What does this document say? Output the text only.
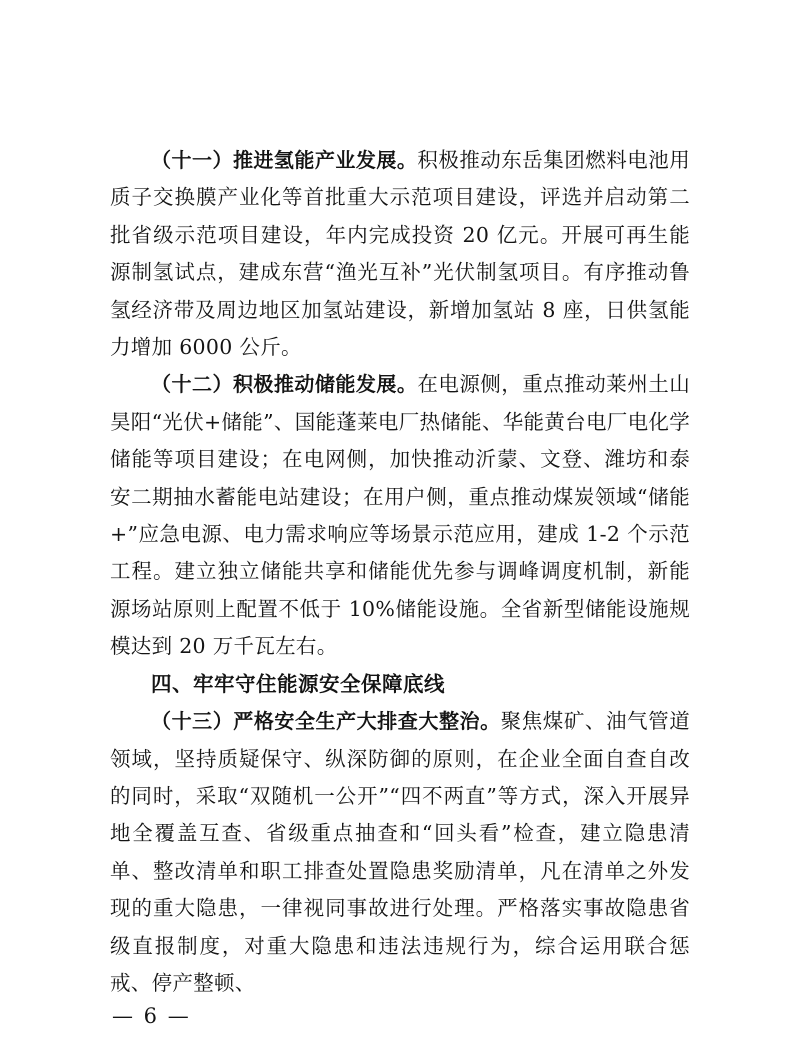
（十一）推进氢能产业发展。积极推动东岳集团燃料电池用质子交换膜产业化等首批重大示范项目建设，评选并启动第二批省级示范项目建设，年内完成投资 20 亿元。开展可再生能源制氢试点，建成东营“渔光互补”光伏制氢项目。有序推动鲁氢经济带及周边地区加氢站建设，新增加氢站 8 座，日供氢能力增加 6000 公斤。

（十二）积极推动储能发展。在电源侧，重点推动莱州土山昊阳“光伏+储能”、国能蓬莱电厂热储能、华能黄台电厂电化学储能等项目建设；在电网侧，加快推动沂蒙、文登、潍坊和泰安二期抽水蓄能电站建设；在用户侧，重点推动煤炭领域“储能+”应急电源、电力需求响应等场景示范应用，建成 1-2 个示范工程。建立独立储能共享和储能优先参与调峰调度机制，新能源场站原则上配置不低于 10%储能设施。全省新型储能设施规模达到 20 万千瓦左右。

四、牢牢守住能源安全保障底线

（十三）严格安全生产大排查大整治。聚焦煤矿、油气管道领域，坚持质疑保守、纵深防御的原则，在企业全面自查自改的同时，采取“双随机一公开”“四不两直”等方式，深入开展异地全覆盖互查、省级重点抽查和“回头看”检查，建立隐患清单、整改清单和职工排查处置隐患奖励清单，凡在清单之外发现的重大隐患，一律视同事故进行处理。严格落实事故隐患省级直报制度，对重大隐患和违法违规行为，综合运用联合惩戒、停产整顿、

— 6 —
